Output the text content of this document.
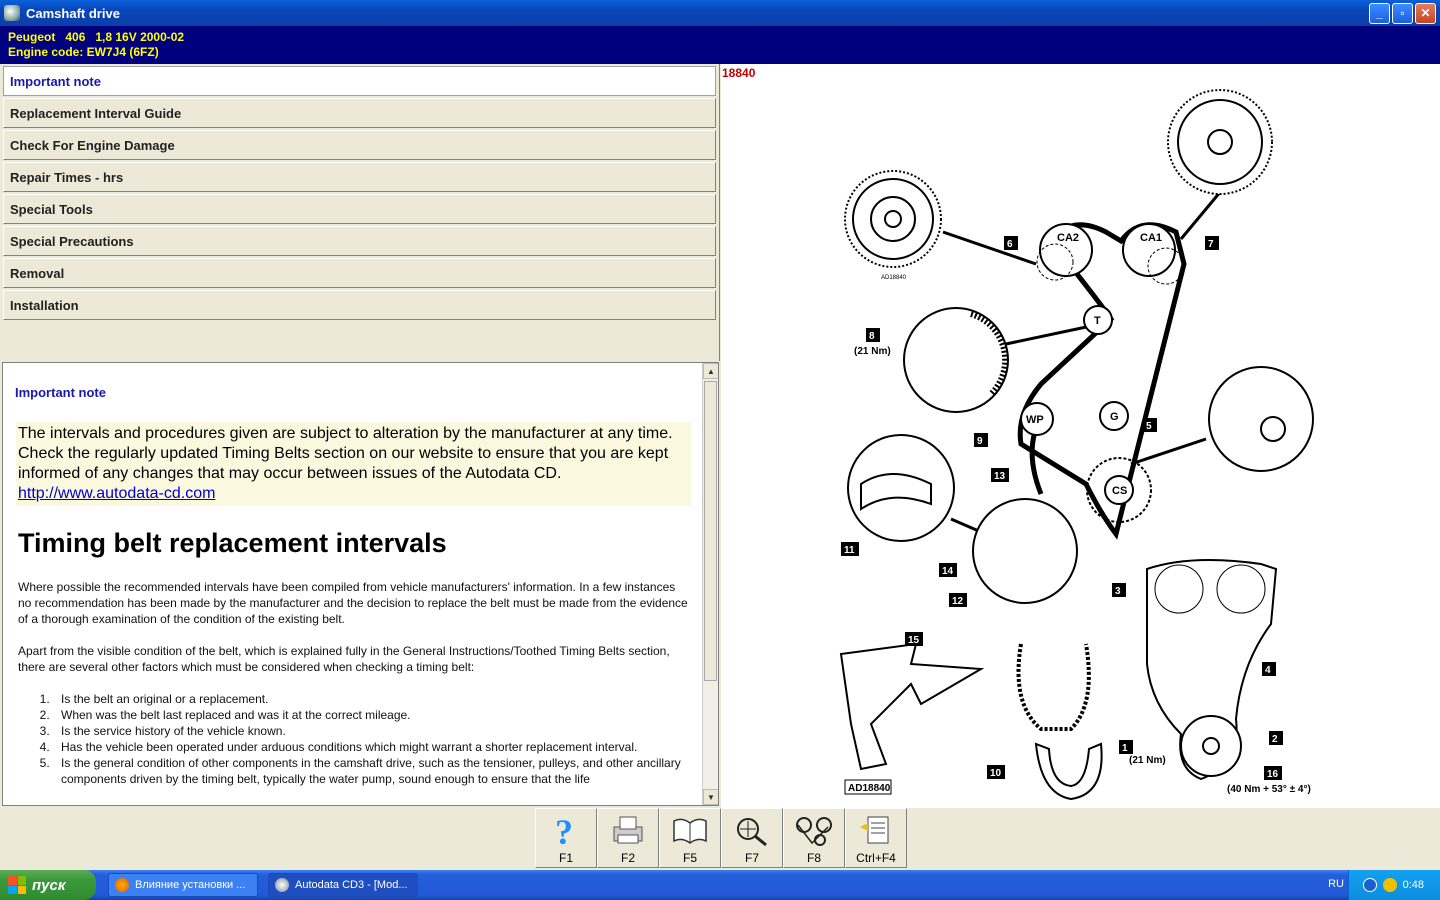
Camshaft drive	_	▫	✕
Peugeot   406   1,8 16V 2000-02
Engine code: EW7J4 (6FZ)
Important note
Replacement Interval Guide
Check For Engine Damage
Repair Times - hrs
Special Tools
Special Precautions
Removal
Installation
Important note
The intervals and procedures given are subject to alteration by the manufacturer at any time.
Check the regularly updated Timing Belts section on our website to ensure that you are kept informed of any changes that may occur between issues of the Autodata CD.
http://www.autodata-cd.com
Timing belt replacement intervals

Where possible the recommended intervals have been compiled from vehicle manufacturers' information. In a few instances no recommendation has been made by the manufacturer and the decision to replace the belt must be made from the evidence of a thorough examination of the condition of the existing belt.

Apart from the visible condition of the belt, which is explained fully in the General Instructions/Toothed Timing Belts section, there are several other factors which must be considered when checking a timing belt:

1. Is the belt an original or a replacement.
2. When was the belt last replaced and was it at the correct mileage.
3. Is the service history of the vehicle known.
4. Has the vehicle been operated under arduous conditions which might warrant a shorter replacement interval.
5. Is the general condition of other components in the camshaft drive, such as the tensioner, pulleys, and other ancillary components driven by the timing belt, typically the water pump, sound enough to ensure that the life
▲
▼
18840
AD18840
CA2	CA1
T
WP	G
CS
1
2
3
4
5
6	7
8
9
10
11
12
13
14
15
16
(21 Nm)
(21 Nm)
(40 Nm + 53° ± 4°)
AD18840
?
F1	F2	F5	F7	F8	Ctrl+F4
пуск	Влияние установки ...	Autodata CD3 - [Mod...	RU	0:48
